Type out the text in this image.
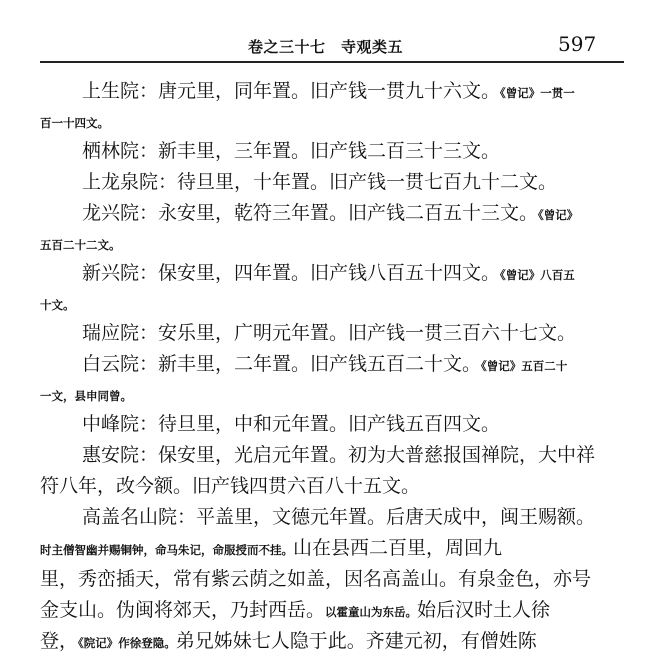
卷之三十七　寺观类五	597
上生院：唐元里，同年置。旧产钱一贯九十六文。《曾记》一贯一
百一十四文。
栖林院：新丰里，三年置。旧产钱二百三十三文。
上龙泉院：待旦里，十年置。旧产钱一贯七百九十二文。
龙兴院：永安里，乾符三年置。旧产钱二百五十三文。《曾记》
五百二十二文。
新兴院：保安里，四年置。旧产钱八百五十四文。《曾记》八百五
十文。
瑞应院：安乐里，广明元年置。旧产钱一贯三百六十七文。
白云院：新丰里，二年置。旧产钱五百二十文。《曾记》五百二十
一文，县申同曾。
中峰院：待旦里，中和元年置。旧产钱五百四文。
惠安院：保安里，光启元年置。初为大普慈报国禅院，大中祥
符八年，改今额。旧产钱四贯六百八十五文。
高盖名山院：平盖里，文德元年置。后唐天成中，闽王赐额。
时主僧智幽并赐铜钟，命马朱记，命服授而不挂。山在县西二百里，周回九
里，秀峦插天，常有紫云荫之如盖，因名高盖山。有泉金色，亦号
金支山。伪闽将郊天，乃封西岳。以霍童山为东岳。始后汉时土人徐
登，《院记》作徐登隐。弟兄姊妹七人隐于此。齐建元初，有僧姓陈
